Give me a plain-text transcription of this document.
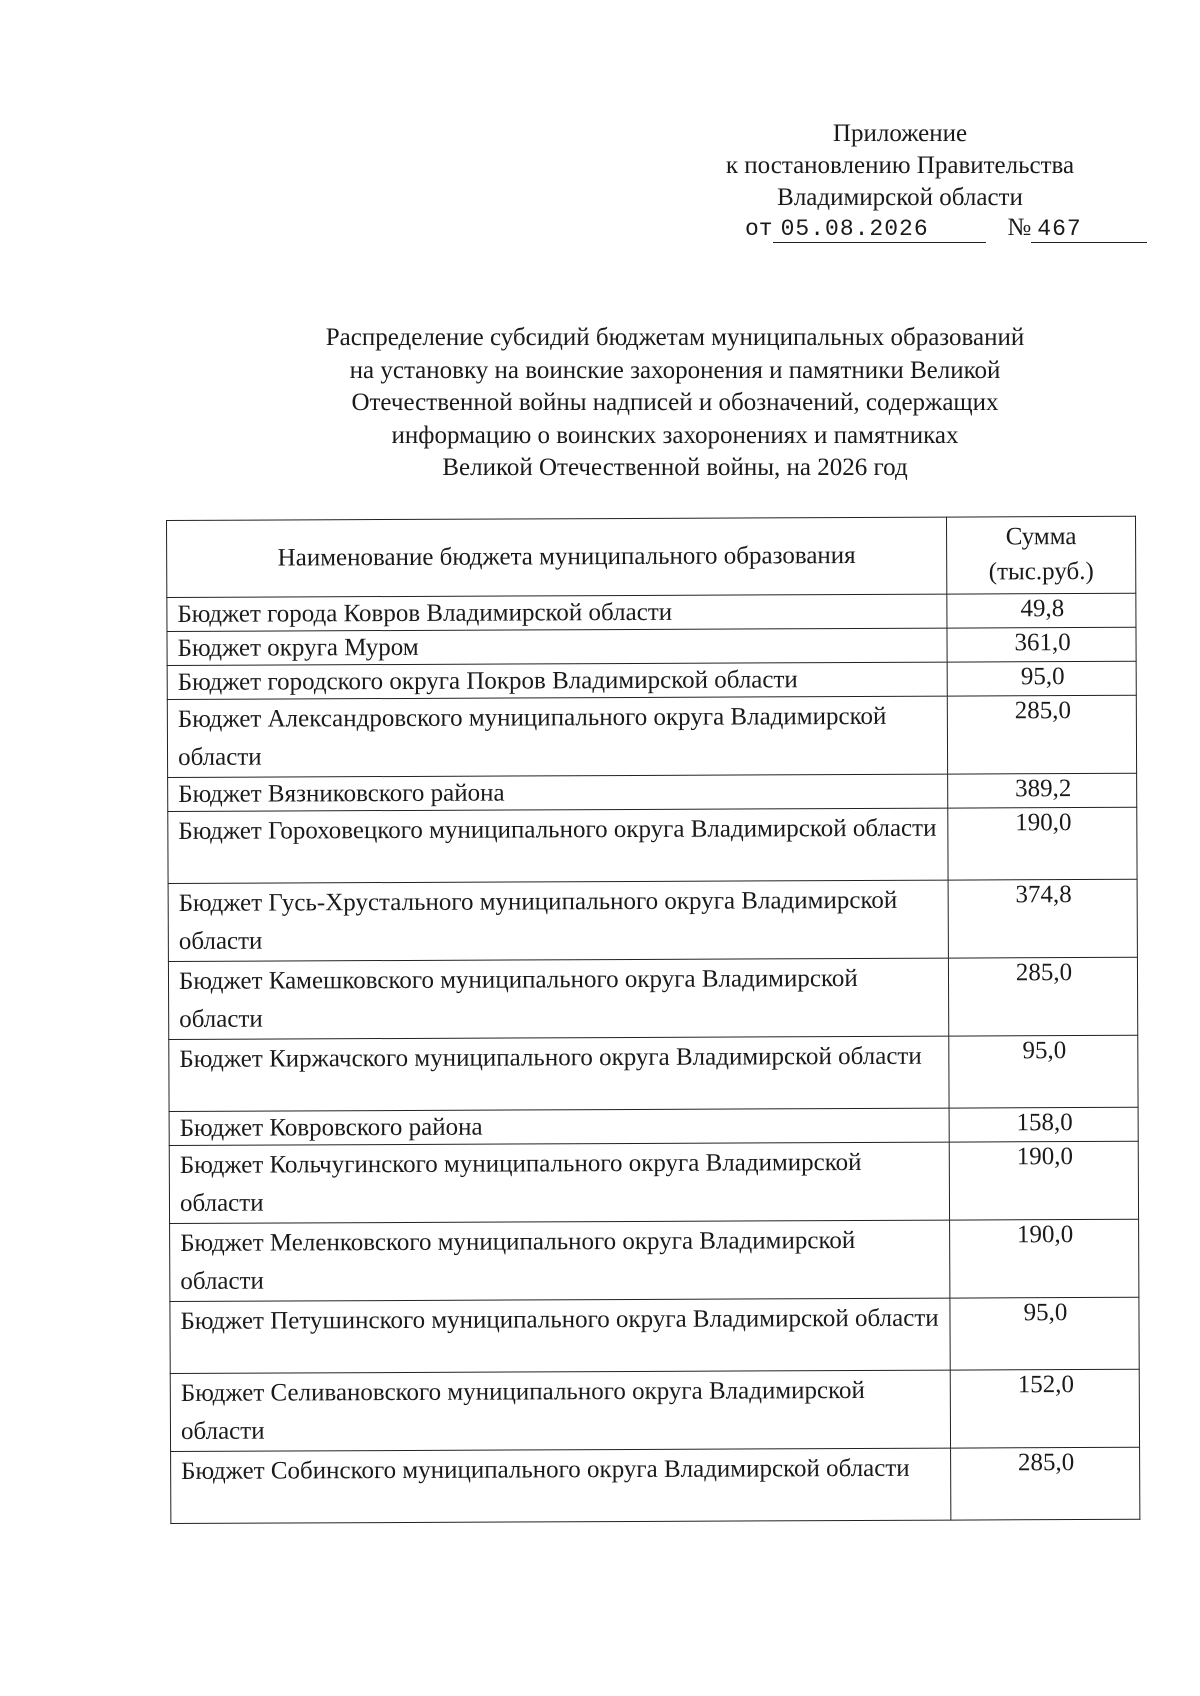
Приложение
к постановлению Правительства
Владимирской области
от 05.08.2026	№ 467
Распределение субсидий бюджетам муниципальных образований
на установку на воинские захоронения и памятники Великой
Отечественной войны надписей и обозначений, содержащих
информацию о воинских захоронениях и памятниках
Великой Отечественной войны, на 2026 год
Наименование бюджета муниципального образования	Сумма
(тыс.руб.)

Бюджет города Ковров Владимирской области	49,8
Бюджет округа Муром	361,0
Бюджет городского округа Покров Владимирской области	95,0
Бюджет Александровского муниципального округа Владимирской области	285,0
Бюджет Вязниковского района	389,2
Бюджет Гороховецкого муниципального округа Владимирской области	190,0
Бюджет Гусь-Хрустального муниципального округа Владимирской области	374,8
Бюджет Камешковского муниципального округа Владимирской области	285,0
Бюджет Киржачского муниципального округа Владимирской области	95,0
Бюджет Ковровского района	158,0
Бюджет Кольчугинского муниципального округа Владимирской области	190,0
Бюджет Меленковского муниципального округа Владимирской области	190,0
Бюджет Петушинского муниципального округа Владимирской области	95,0
Бюджет Селивановского муниципального округа Владимирской области	152,0
Бюджет Собинского муниципального округа Владимирской области	285,0
